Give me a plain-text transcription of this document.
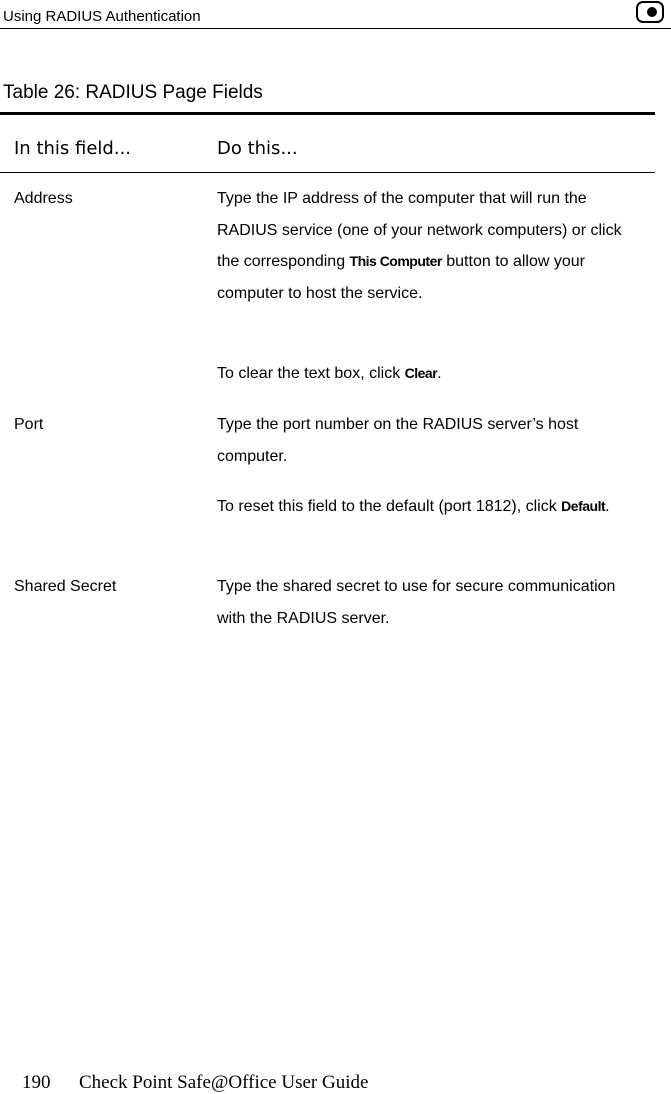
Using RADIUS Authentication
Table 26: RADIUS Page Fields
In this field...	Do this...
Address	Type the IP address of the computer that will run the RADIUS service (one of your network computers) or click the corresponding This Computer button to allow your computer to host the service.
To clear the text box, click Clear.
Port	Type the port number on the RADIUS server’s host computer.
To reset this field to the default (port 1812), click Default.
Shared Secret	Type the shared secret to use for secure communication with the RADIUS server.
190 Check Point Safe@Office User Guide
